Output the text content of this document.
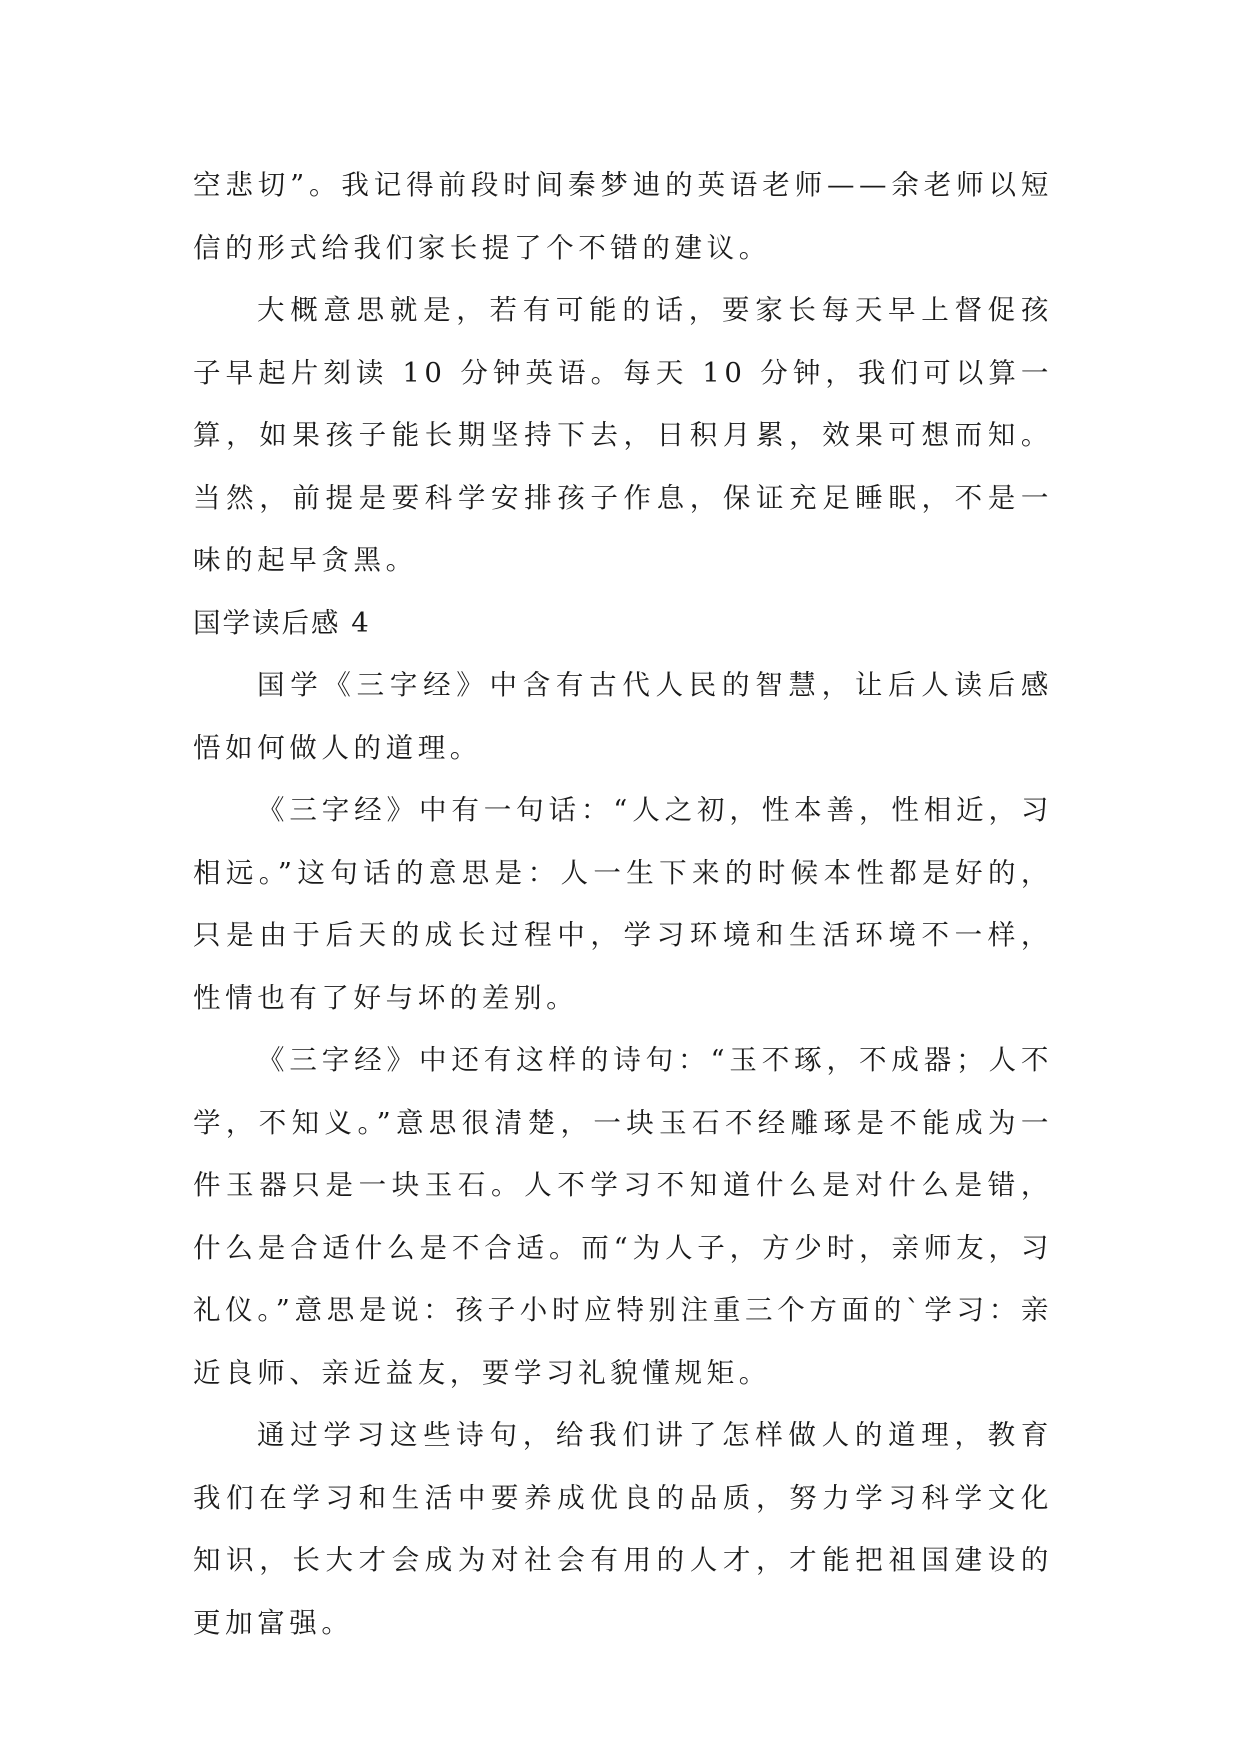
空悲切”。我记得前段时间秦梦迪的英语老师——余老师以短信的形式给我们家长提了个不错的建议。

大概意思就是，若有可能的话，要家长每天早上督促孩子早起片刻读 10 分钟英语。每天 10 分钟，我们可以算一算，如果孩子能长期坚持下去，日积月累，效果可想而知。当然，前提是要科学安排孩子作息，保证充足睡眠，不是一味的起早贪黑。

国学读后感 4

国学《三字经》中含有古代人民的智慧，让后人读后感悟如何做人的道理。

《三字经》中有一句话：“人之初，性本善，性相近，习相远。”这句话的意思是：人一生下来的时候本性都是好的，只是由于后天的成长过程中，学习环境和生活环境不一样，性情也有了好与坏的差别。

《三字经》中还有这样的诗句：“玉不琢，不成器；人不学，不知义。”意思很清楚，一块玉石不经雕琢是不能成为一件玉器只是一块玉石。人不学习不知道什么是对什么是错，什么是合适什么是不合适。而“为人子，方少时，亲师友，习礼仪。”意思是说：孩子小时应特别注重三个方面的`学习：亲近良师、亲近益友，要学习礼貌懂规矩。

通过学习这些诗句，给我们讲了怎样做人的道理，教育我们在学习和生活中要养成优良的品质，努力学习科学文化知识，长大才会成为对社会有用的人才，才能把祖国建设的更加富强。
